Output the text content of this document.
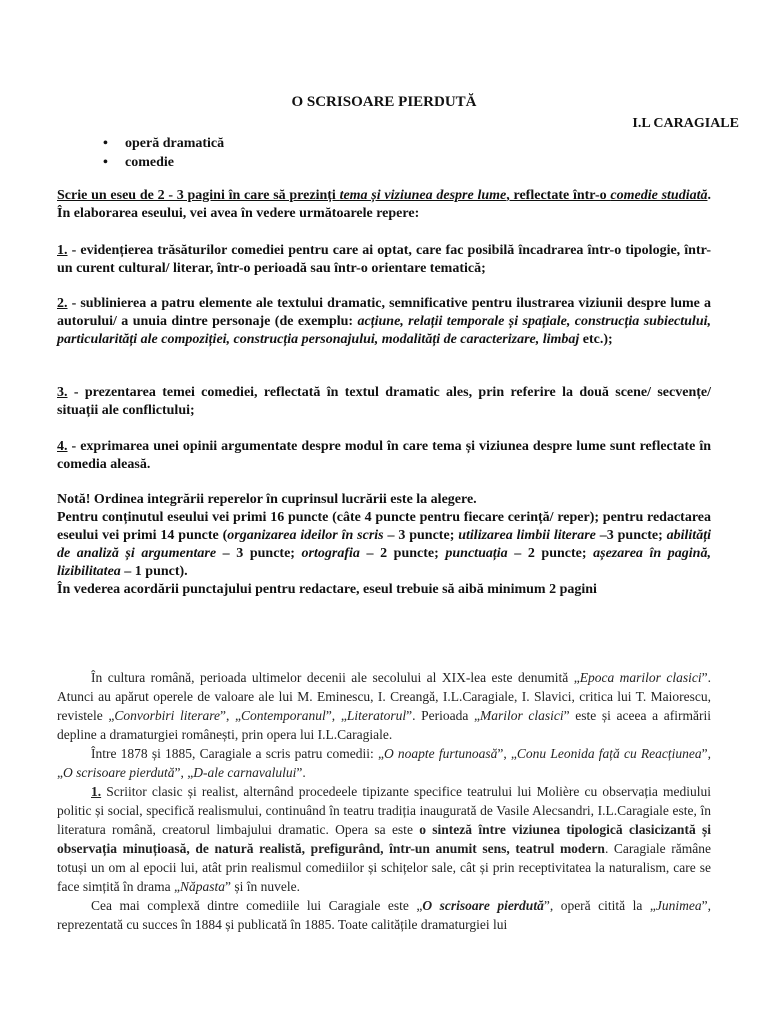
O SCRISOARE PIERDUTĂ
I.L CARAGIALE
• operă dramatică
• comedie

Scrie un eseu de 2 - 3 pagini în care să prezinți tema și viziunea despre lume, reflectate într-o comedie studiată. În elaborarea eseului, vei avea în vedere următoarele repere:

1. - evidențierea trăsăturilor comediei pentru care ai optat, care fac posibilă încadrarea într-o tipologie, într-un curent cultural/ literar, într-o perioadă sau într-o orientare tematică;

2. - sublinierea a patru elemente ale textului dramatic, semnificative pentru ilustrarea viziunii despre lume a autorului/ a unuia dintre personaje (de exemplu: acțiune, relații temporale și spațiale, construcția subiectului, particularități ale compoziției, construcția personajului, modalități de caracterizare, limbaj etc.);

3. - prezentarea temei comediei, reflectată în textul dramatic ales, prin referire la două scene/ secvențe/ situații ale conflictului;

4. - exprimarea unei opinii argumentate despre modul în care tema și viziunea despre lume sunt reflectate în comedia aleasă.

Notă! Ordinea integrării reperelor în cuprinsul lucrării este la alegere.
Pentru conținutul eseului vei primi 16 puncte (câte 4 puncte pentru fiecare cerință/ reper); pentru redactarea eseului vei primi 14 puncte (organizarea ideilor în scris – 3 puncte; utilizarea limbii literare –3 puncte; abilități de analiză și argumentare – 3 puncte; ortografia – 2 puncte; punctuația – 2 puncte; așezarea în pagină, lizibilitatea – 1 punct).
În vederea acordării punctajului pentru redactare, eseul trebuie să aibă minimum 2 pagini

În cultura română, perioada ultimelor decenii ale secolului al XIX-lea este denumită „Epoca marilor clasici”. Atunci au apărut operele de valoare ale lui M. Eminescu, I. Creangă, I.L.Caragiale, I. Slavici, critica lui T. Maiorescu, revistele „Convorbiri literare”, „Contemporanul”, „Literatorul”. Perioada „Marilor clasici” este și aceea a afirmării depline a dramaturgiei românești, prin opera lui I.L.Caragiale.

Între 1878 și 1885, Caragiale a scris patru comedii: „O noapte furtunoasă”, „Conu Leonida față cu Reacțiunea”, „O scrisoare pierdută”, „D-ale carnavalului”.

1. Scriitor clasic și realist, alternând procedeele tipizante specifice teatrului lui Molière cu observația mediului politic și social, specifică realismului, continuând în teatru tradiția inaugurată de Vasile Alecsandri, I.L.Caragiale este, în literatura română, creatorul limbajului dramatic. Opera sa este o sinteză între viziunea tipologică clasicizantă și observația minuțioasă, de natură realistă, prefigurând, într-un anumit sens, teatrul modern. Caragiale rămâne totuși un om al epocii lui, atât prin realismul comediilor și schițelor sale, cât și prin receptivitatea la naturalism, care se face simțită în drama „Năpasta” și în nuvele.

Cea mai complexă dintre comediile lui Caragiale este „O scrisoare pierdută”, operă citită la „Junimea”, reprezentată cu succes în 1884 și publicată în 1885. Toate calitățile dramaturgiei lui
